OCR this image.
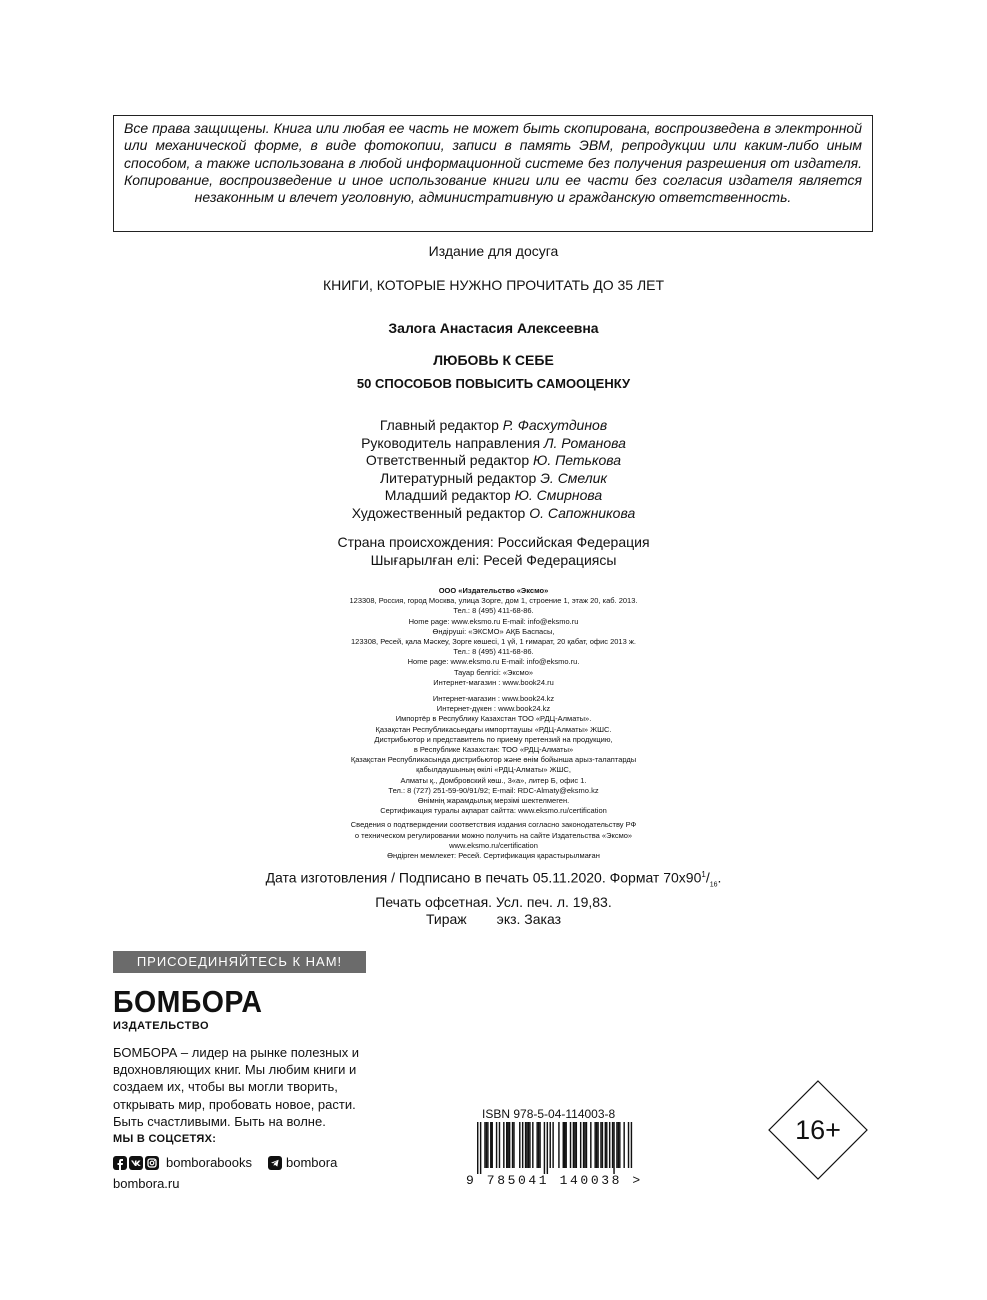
Все права защищены. Книга или любая ее часть не может быть скопирована, воспроизведена в электронной или механической форме, в виде фотокопии, записи в память ЭВМ, репродукции или каким-либо иным способом, а также использована в любой информационной системе без получения разрешения от издателя. Копирование, воспроизведение и иное использование книги или ее части без согласия издателя является незаконным и влечет уголовную, административную и гражданскую ответственность.

Издание для досуга
КНИГИ, КОТОРЫЕ НУЖНО ПРОЧИТАТЬ ДО 35 ЛЕТ
Залога Анастасия Алексеевна
ЛЮБОВЬ К СЕБЕ
50 СПОСОБОВ ПОВЫСИТЬ САМООЦЕНКУ
Главный редактор Р. Фасхутдинов
Руководитель направления Л. Романова
Ответственный редактор Ю. Петькова
Литературный редактор Э. Смелик
Младший редактор Ю. Смирнова
Художественный редактор О. Сапожникова
Страна происхождения: Российская Федерация
Шығарылған елі: Ресей Федерациясы
ООО «Издательство «Эксмо»
123308, Россия, город Москва, улица Зорге, дом 1, строение 1, этаж 20, каб. 2013.
Тел.: 8 (495) 411-68-86.
Home page: www.eksmo.ru E-mail: info@eksmo.ru
Өндіруші: «ЭКСМО» АҚБ Баспасы,
123308, Ресей, қала Мәскеу, Зорге көшесі, 1 үй, 1 ғимарат, 20 қабат, офис 2013 ж.
Тел.: 8 (495) 411-68-86.
Home page: www.eksmo.ru E-mail: info@eksmo.ru.
Тауар белгісі: «Эксмо»
Интернет-магазин : www.book24.ru
Интернет-магазин : www.book24.kz
Интернет-дүкен : www.book24.kz
Импортёр в Республику Казахстан ТОО «РДЦ-Алматы».
Қазақстан Республикасындағы импорттаушы «РДЦ-Алматы» ЖШС.
Дистрибьютор и представитель по приему претензий на продукцию,
в Республике Казахстан: ТОО «РДЦ-Алматы»
Қазақстан Республикасында дистрибьютор және өнім бойынша арыз-талаптарды
қабылдаушының өкілі «РДЦ-Алматы» ЖШС,
Алматы қ., Домбровский көш., 3«а», литер Б, офис 1.
Тел.: 8 (727) 251-59-90/91/92; E-mail: RDC-Almaty@eksmo.kz
Өнімнің жарамдылық мерзімі шектелмеген.
Сертификация туралы ақпарат сайтта: www.eksmo.ru/certification
Сведения о подтверждении соответствия издания согласно законодательству РФ
о техническом регулировании можно получить на сайте Издательства «Эксмо»
www.eksmo.ru/certification
Өндірген мемлекет: Ресей. Сертификация қарастырылмаған
Дата изготовления / Подписано в печать 05.11.2020. Формат $70х90^1/_{16}$.
Печать офсетная. Усл. печ. л. 19,83.
Тираж экз. Заказ
ПРИСОЕДИНЯЙТЕСЬ К НАМ!
БОМБОРА
ИЗДАТЕЛЬСТВО
БОМБОРА – лидер на рынке полезных и вдохновляющих книг. Мы любим книги и создаем их, чтобы вы могли творить, открывать мир, пробовать новое, расти. Быть счастливыми. Быть на волне.
МЫ В СОЦСЕТЯХ:
bomborabooks	bombora
bombora.ru
ISBN 978-5-04-114003-8
9 785041 140038 >
16+
